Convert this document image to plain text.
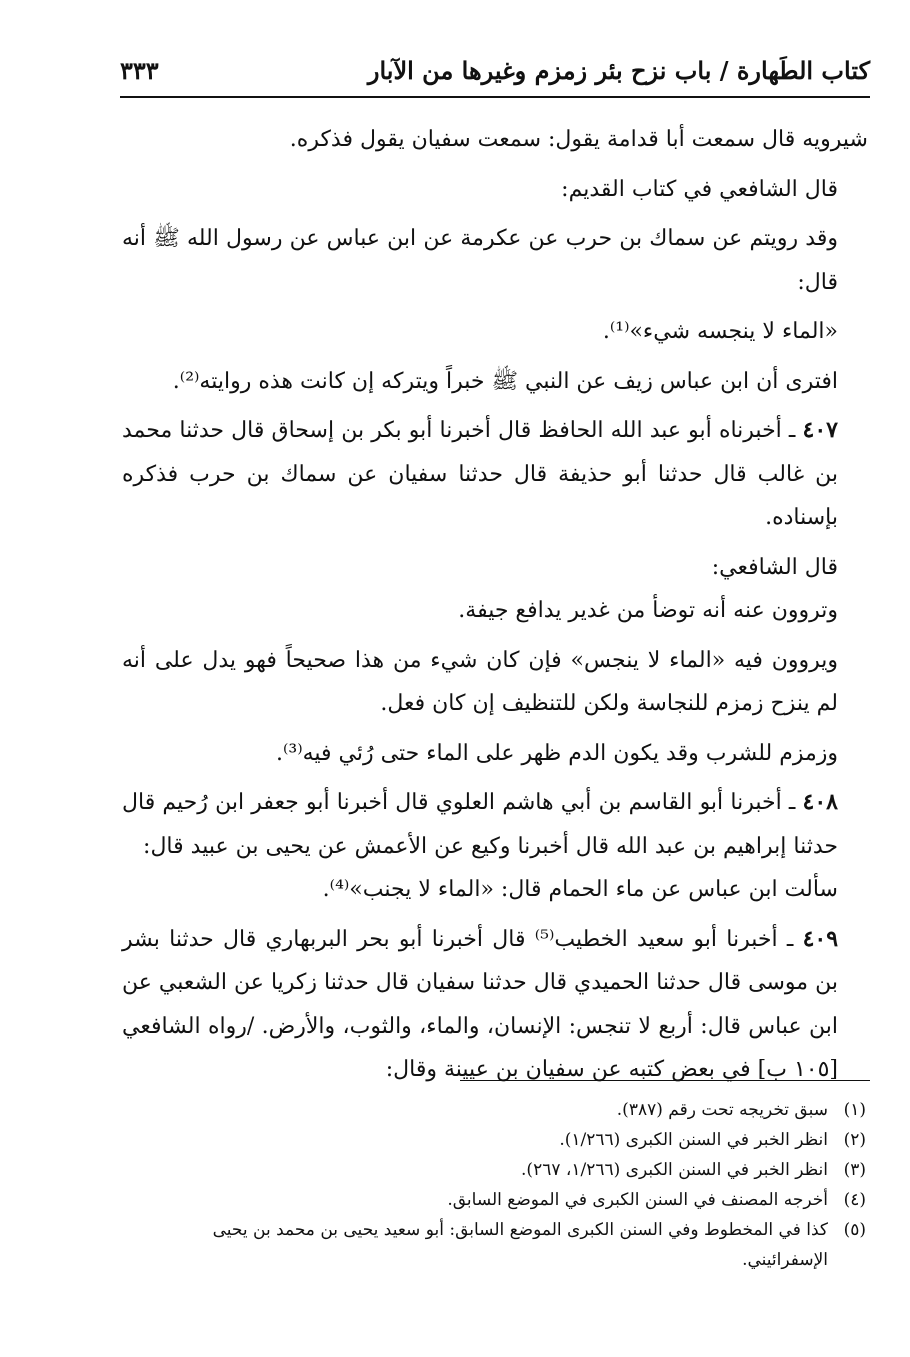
كتاب الطَهارة / باب نزح بئر زمزم وغيرها من الآبار
٣٣٣

شيرويه قال سمعت أبا قدامة يقول: سمعت سفيان يقول فذكره.

قال الشافعي في كتاب القديم:

وقد رويتم عن سماك بن حرب عن عكرمة عن ابن عباس عن رسول الله ﷺ أنه قال:

«الماء لا ينجسه شيء»⁽¹⁾.

افترى أن ابن عباس زيف عن النبي ﷺ خبراً ويتركه إن كانت هذه روايته⁽²⁾.

٤٠٧ ـ أخبرناه أبو عبد الله الحافظ قال أخبرنا أبو بكر بن إسحاق قال حدثنا محمد بن غالب قال حدثنا أبو حذيفة قال حدثنا سفيان عن سماك بن حرب فذكره بإسناده.

قال الشافعي:

وتروون عنه أنه توضأ من غدير يدافع جيفة.

ويروون فيه «الماء لا ينجس» فإن كان شيء من هذا صحيحاً فهو يدل على أنه لم ينزح زمزم للنجاسة ولكن للتنظيف إن كان فعل.

وزمزم للشرب وقد يكون الدم ظهر على الماء حتى رُئي فيه⁽³⁾.

٤٠٨ ـ أخبرنا أبو القاسم بن أبي هاشم العلوي قال أخبرنا أبو جعفر ابن رُحيم قال حدثنا إبراهيم بن عبد الله قال أخبرنا وكيع عن الأعمش عن يحيى بن عبيد قال:

سألت ابن عباس عن ماء الحمام قال: «الماء لا يجنب»⁽⁴⁾.

٤٠٩ ـ أخبرنا أبو سعيد الخطيب⁽⁵⁾ قال أخبرنا أبو بحر البربهاري قال حدثنا بشر بن موسى قال حدثنا الحميدي قال حدثنا سفيان قال حدثنا زكريا عن الشعبي عن ابن عباس قال: أربع لا تنجس: الإنسان، والماء، والثوب، والأرض. /رواه الشافعي [١٠٥ ب] في بعض كتبه عن سفيان بن عيينة وقال:

(١)
سبق تخريجه تحت رقم (٣٨٧).

(٢)
انظر الخبر في السنن الكبرى (١/٢٦٦).

(٣)
انظر الخبر في السنن الكبرى (١/٢٦٦، ٢٦٧).

(٤)
أخرجه المصنف في السنن الكبرى في الموضع السابق.

(٥)
كذا في المخطوط وفي السنن الكبرى الموضع السابق: أبو سعيد يحيى بن محمد بن يحيى الإسفرائيني.
